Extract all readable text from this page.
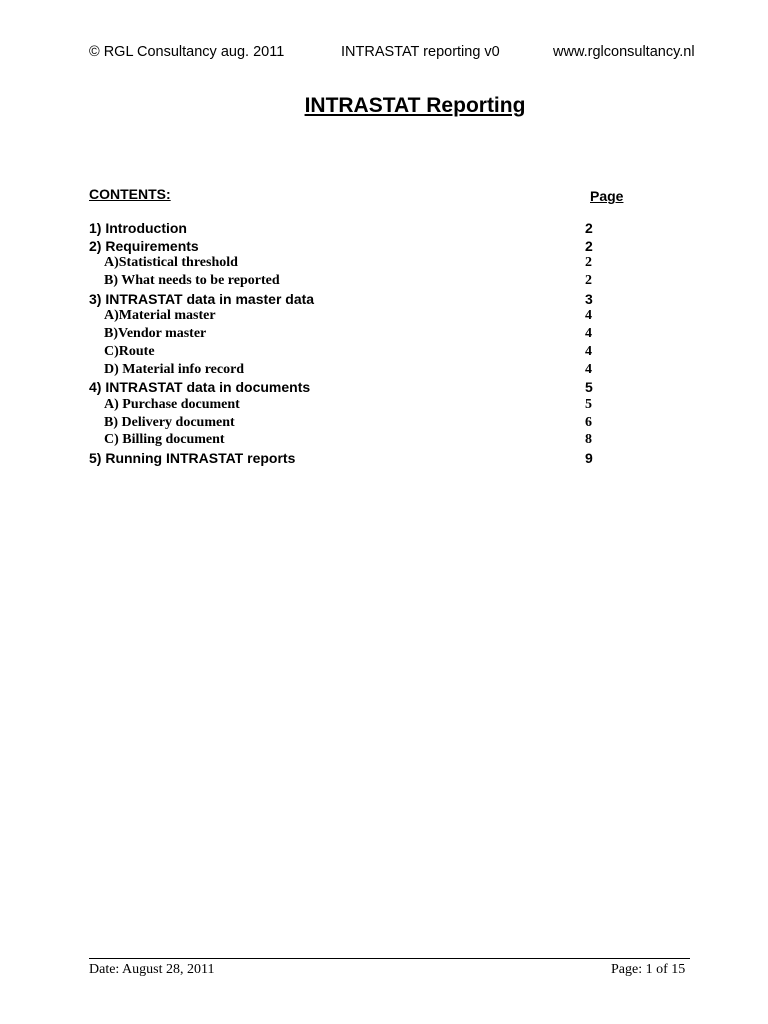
© RGL Consultancy aug. 2011	INTRASTAT reporting v0	www.rglconsultancy.nl
INTRASTAT Reporting
CONTENTS:	Page
1) Introduction	2
2) Requirements	2
A)Statistical threshold	2
B) What needs to be reported	2
3) INTRASTAT data in master data	3
A)Material master	4
B)Vendor master	4
C)Route	4
D) Material info record	4
4) INTRASTAT data in documents	5
A) Purchase document	5
B) Delivery document	6
C) Billing document	8
5) Running INTRASTAT reports	9
Date: August 28, 2011	Page: 1 of 15
